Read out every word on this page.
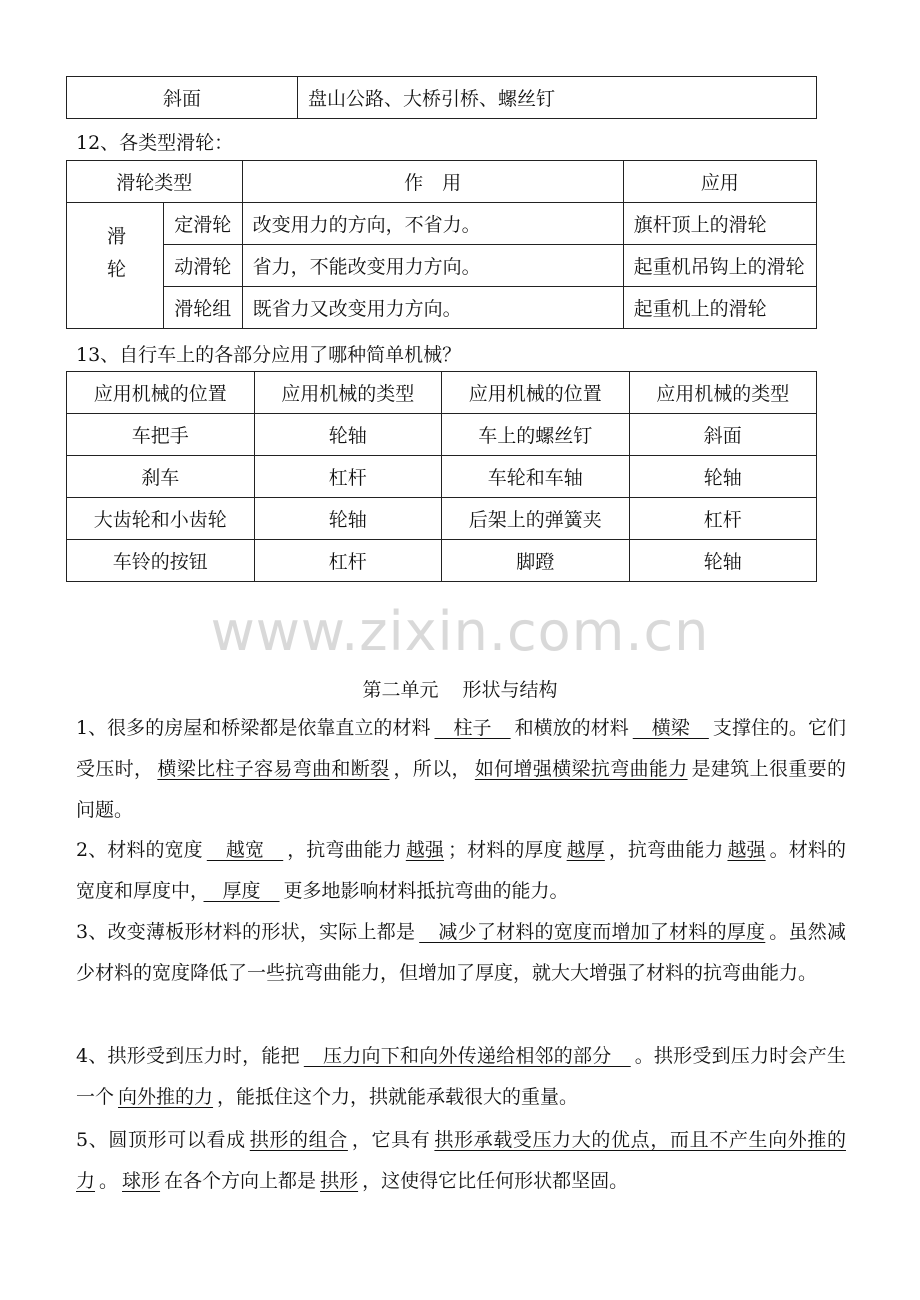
斜面	盘山公路、大桥引桥、螺丝钉
12、各类型滑轮：
滑轮类型		作　用	应用
滑轮	定滑轮	改变用力的方向，不省力。	旗杆顶上的滑轮
	动滑轮	省力，不能改变用力方向。	起重机吊钩上的滑轮
	滑轮组	既省力又改变用力方向。	起重机上的滑轮
13、自行车上的各部分应用了哪种简单机械？
应用机械的位置	应用机械的类型	应用机械的位置	应用机械的类型
车把手	轮轴	车上的螺丝钉	斜面
刹车	杠杆	车轮和车轴	轮轴
大齿轮和小齿轮	轮轴	后架上的弹簧夹	杠杆
车铃的按钮	杠杆	脚蹬	轮轴
www.zixin.com.cn
第二单元 形状与结构
1、很多的房屋和桥梁都是依靠直立的材料　柱子　和横放的材料　横梁　支撑住的。它们受压时， 横梁比柱子容易弯曲和断裂 ，所以， 如何增强横梁抗弯曲能力 是建筑上很重要的问题。
2、材料的宽度　越宽　，抗弯曲能力 越强 ；材料的厚度 越厚 ，抗弯曲能力 越强 。材料的宽度和厚度中，　厚度　更多地影响材料抵抗弯曲的能力。
3、改变薄板形材料的形状，实际上都是　减少了材料的宽度而增加了材料的厚度 。虽然减少材料的宽度降低了一些抗弯曲能力，但增加了厚度，就大大增强了材料的抗弯曲能力。
4、拱形受到压力时，能把　压力向下和向外传递给相邻的部分　。拱形受到压力时会产生一个 向外推的力 ，能抵住这个力，拱就能承载很大的重量。
5、圆顶形可以看成 拱形的组合 ，它具有 拱形承载受压力大的优点，而且不产生向外推的力 。 球形 在各个方向上都是 拱形 ，这使得它比任何形状都坚固。
